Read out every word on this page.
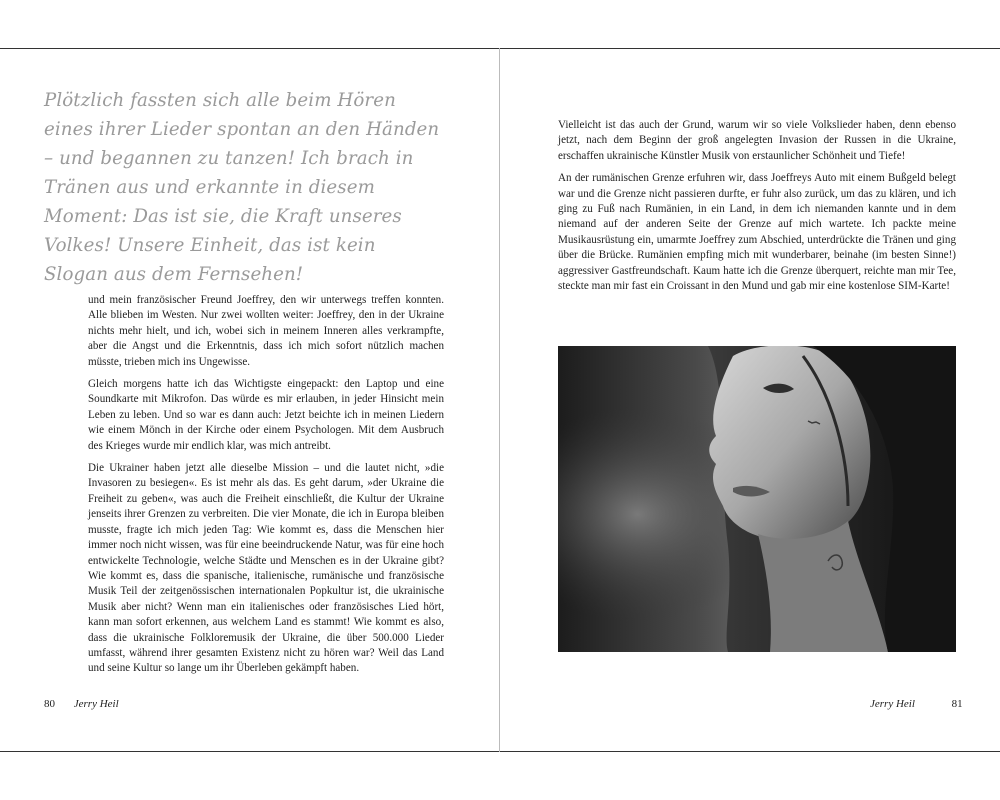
Plötzlich fassten sich alle beim Hören eines ihrer Lieder spontan an den Händen – und begannen zu tanzen! Ich brach in Tränen aus und erkannte in diesem Moment: Das ist sie, die Kraft unseres Volkes! Unsere Einheit, das ist kein Slogan aus dem Fernsehen!

und mein französischer Freund Joeffrey, den wir unterwegs treffen konnten. Alle blieben im Westen. Nur zwei wollten weiter: Joeffrey, den in der Ukraine nichts mehr hielt, und ich, wobei sich in meinem Inneren alles verkrampfte, aber die Angst und die Erkenntnis, dass ich mich sofort nützlich machen müsste, trieben mich ins Ungewisse.

Gleich morgens hatte ich das Wichtigste eingepackt: den Laptop und eine Soundkarte mit Mikrofon. Das würde es mir erlauben, in jeder Hinsicht mein Leben zu leben. Und so war es dann auch: Jetzt beichte ich in meinen Liedern wie einem Mönch in der Kirche oder einem Psychologen. Mit dem Ausbruch des Krieges wurde mir endlich klar, was mich antreibt.

Die Ukrainer haben jetzt alle dieselbe Mission – und die lautet nicht, »die Invasoren zu besiegen«. Es ist mehr als das. Es geht darum, »der Ukraine die Freiheit zu geben«, was auch die Freiheit einschließt, die Kultur der Ukraine jenseits ihrer Grenzen zu verbreiten. Die vier Monate, die ich in Europa bleiben musste, fragte ich mich jeden Tag: Wie kommt es, dass die Menschen hier immer noch nicht wissen, was für eine beeindruckende Natur, was für eine hoch entwickelte Technologie, welche Städte und Menschen es in der Ukraine gibt? Wie kommt es, dass die spanische, italienische, rumänische und französische Musik Teil der zeitgenössischen internationalen Popkultur ist, die ukrainische Musik aber nicht? Wenn man ein italienisches oder französisches Lied hört, kann man sofort erkennen, aus welchem Land es stammt! Wie kommt es also, dass die ukrainische Folkloremusik der Ukraine, die über 500.000 Lieder umfasst, während ihrer gesamten Existenz nicht zu hören war? Weil das Land und seine Kultur so lange um ihr Überleben gekämpft haben.

Vielleicht ist das auch der Grund, warum wir so viele Volkslieder haben, denn ebenso jetzt, nach dem Beginn der groß angelegten Invasion der Russen in die Ukraine, erschaffen ukrainische Künstler Musik von erstaunlicher Schönheit und Tiefe!

An der rumänischen Grenze erfuhren wir, dass Joeffreys Auto mit einem Bußgeld belegt war und die Grenze nicht passieren durfte, er fuhr also zurück, um das zu klären, und ich ging zu Fuß nach Rumänien, in ein Land, in dem ich niemanden kannte und in dem niemand auf der anderen Seite der Grenze auf mich wartete. Ich packte meine Musikausrüstung ein, umarmte Joeffrey zum Abschied, unterdrückte die Tränen und ging über die Brücke. Rumänien empfing mich mit wunderbarer, beinahe (im besten Sinne!) aggressiver Gastfreundschaft. Kaum hatte ich die Grenze überquert, reichte man mir Tee, steckte man mir fast ein Croissant in den Mund und gab mir eine kostenlose SIM-Karte!

80 Jerry Heil	Jerry Heil	81
